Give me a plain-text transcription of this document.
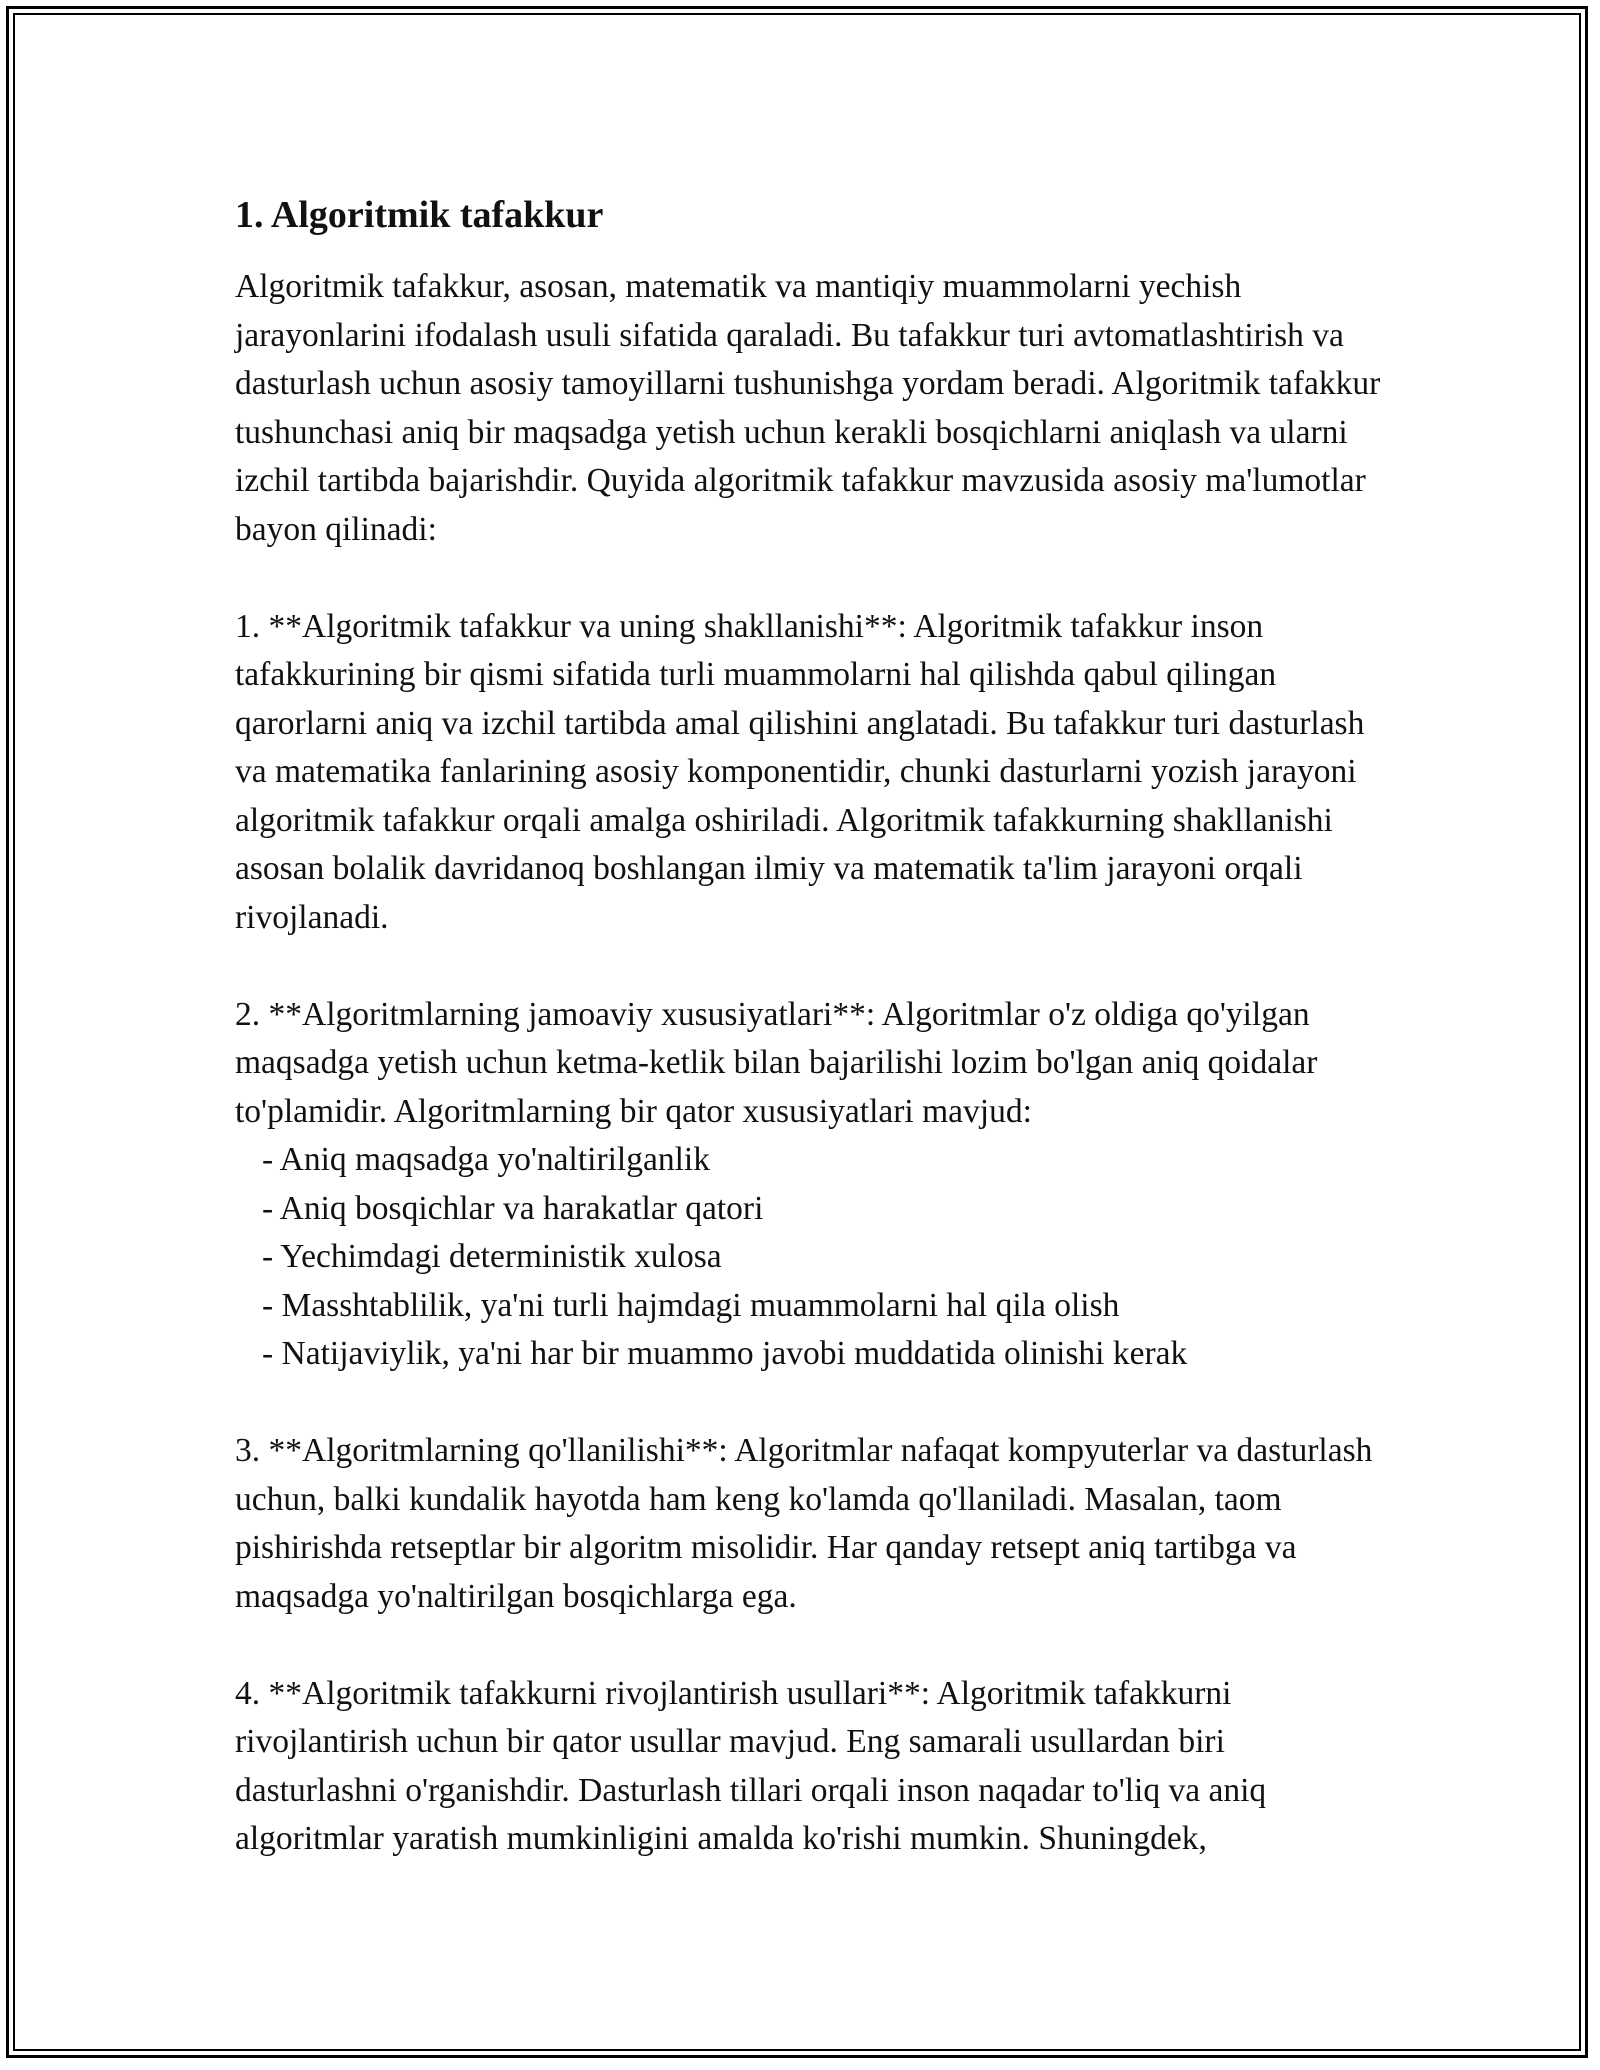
1. Algoritmik tafakkur

Algoritmik tafakkur, asosan, matematik va mantiqiy muammolarni yechish jarayonlarini ifodalash usuli sifatida qaraladi. Bu tafakkur turi avtomatlashtirish va dasturlash uchun asosiy tamoyillarni tushunishga yordam beradi. Algoritmik tafakkur tushunchasi aniq bir maqsadga yetish uchun kerakli bosqichlarni aniqlash va ularni izchil tartibda bajarishdir. Quyida algoritmik tafakkur mavzusida asosiy ma'lumotlar bayon qilinadi:

1. **Algoritmik tafakkur va uning shakllanishi**: Algoritmik tafakkur inson tafakkurining bir qismi sifatida turli muammolarni hal qilishda qabul qilingan qarorlarni aniq va izchil tartibda amal qilishini anglatadi. Bu tafakkur turi dasturlash va matematika fanlarining asosiy komponentidir, chunki dasturlarni yozish jarayoni algoritmik tafakkur orqali amalga oshiriladi. Algoritmik tafakkurning shakllanishi asosan bolalik davridanoq boshlangan ilmiy va matematik ta'lim jarayoni orqali rivojlanadi.

2. **Algoritmlarning jamoaviy xususiyatlari**: Algoritmlar o'z oldiga qo'yilgan maqsadga yetish uchun ketma-ketlik bilan bajarilishi lozim bo'lgan aniq qoidalar to'plamidir. Algoritmlarning bir qator xususiyatlari mavjud:

- Aniq maqsadga yo'naltirilganlik
- Aniq bosqichlar va harakatlar qatori
- Yechimdagi deterministik xulosa
- Masshtablilik, ya'ni turli hajmdagi muammolarni hal qila olish
- Natijaviylik, ya'ni har bir muammo javobi muddatida olinishi kerak

3. **Algoritmlarning qo'llanilishi**: Algoritmlar nafaqat kompyuterlar va dasturlash uchun, balki kundalik hayotda ham keng ko'lamda qo'llaniladi. Masalan, taom pishirishda retseptlar bir algoritm misolidir. Har qanday retsept aniq tartibga va maqsadga yo'naltirilgan bosqichlarga ega.

4. **Algoritmik tafakkurni rivojlantirish usullari**: Algoritmik tafakkurni rivojlantirish uchun bir qator usullar mavjud. Eng samarali usullardan biri dasturlashni o'rganishdir. Dasturlash tillari orqali inson naqadar to'liq va aniq algoritmlar yaratish mumkinligini amalda ko'rishi mumkin. Shuningdek,
